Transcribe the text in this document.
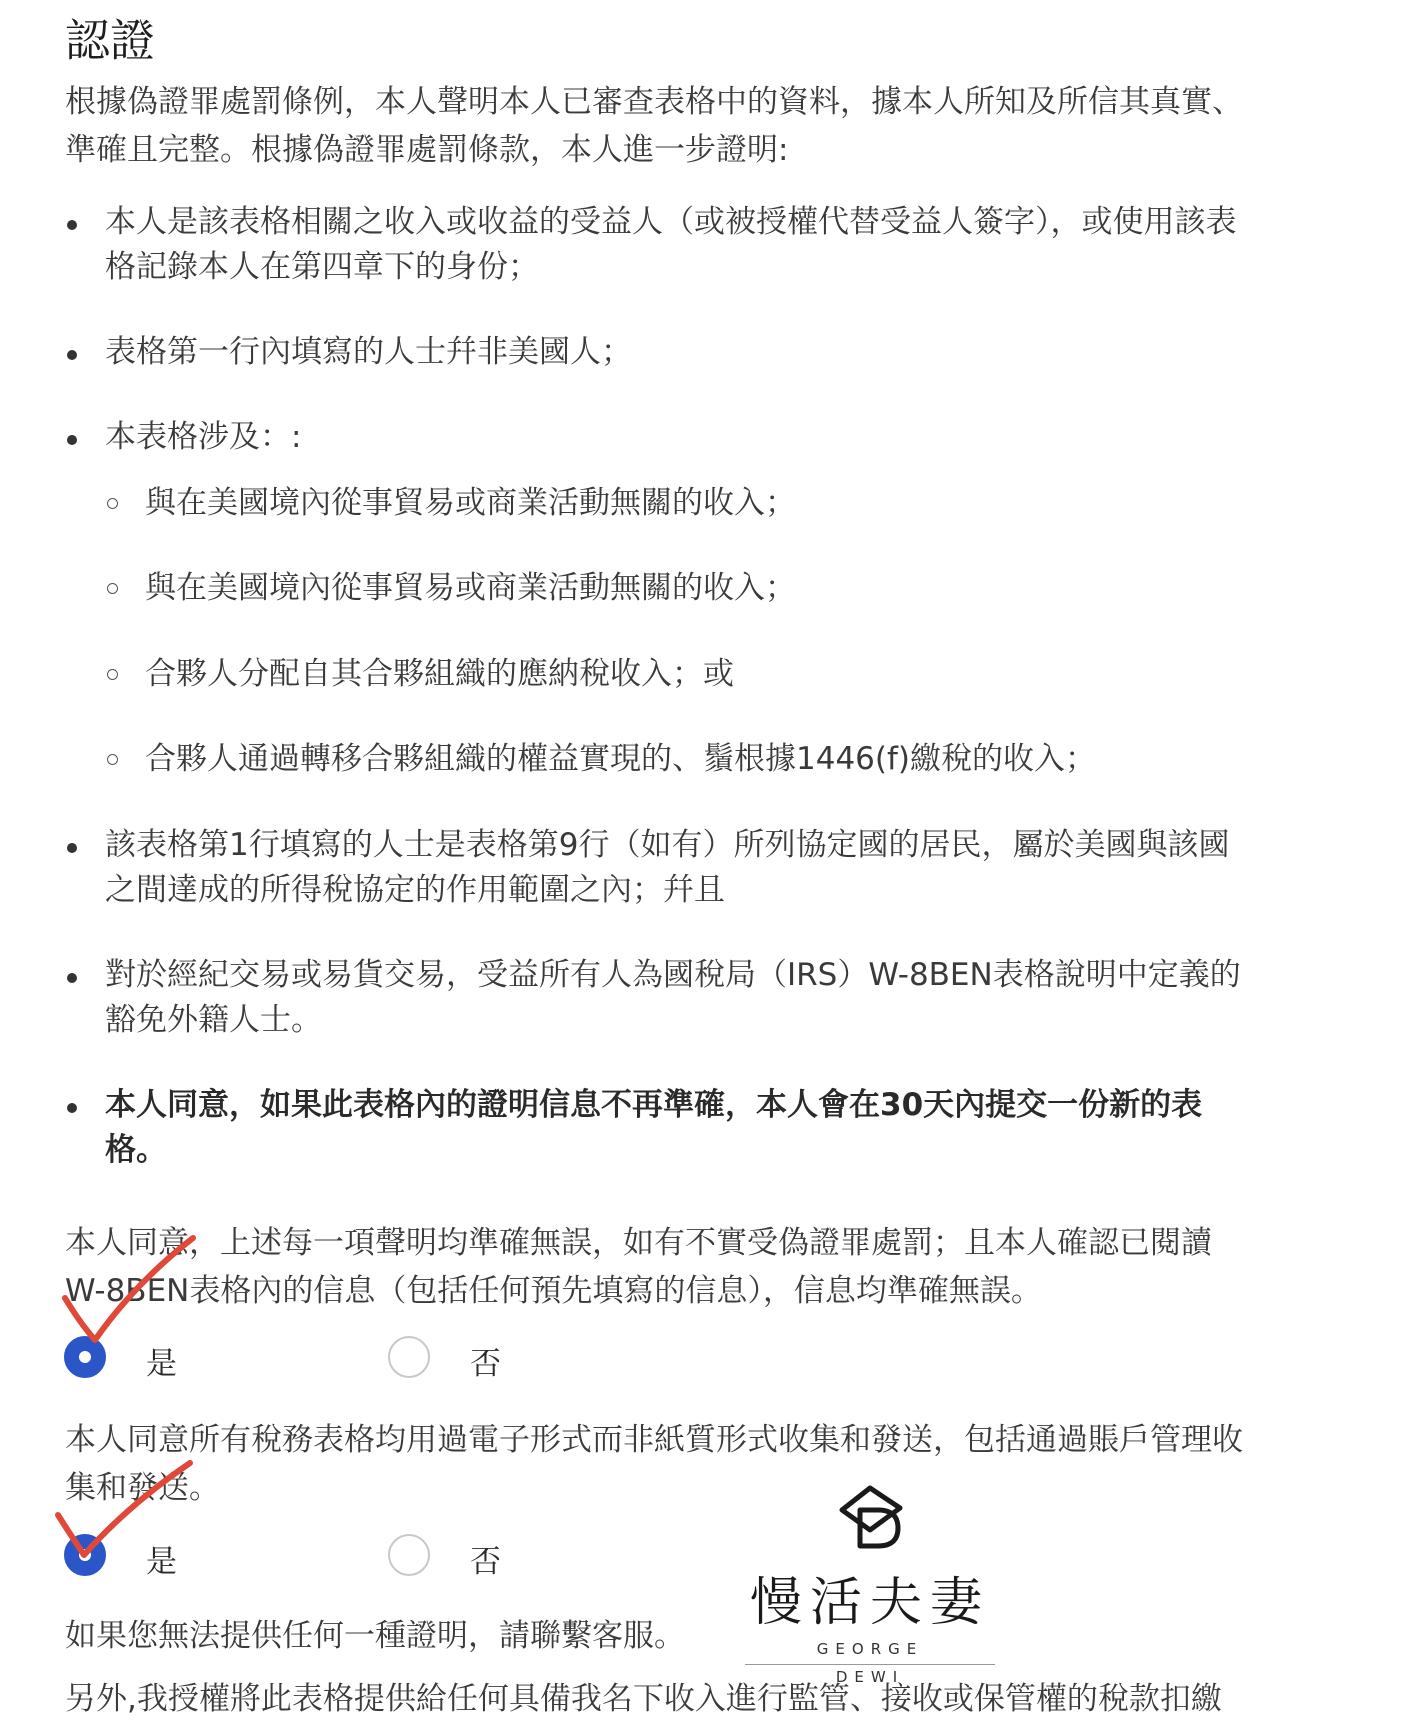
認證

根據偽證罪處罰條例，本人聲明本人已審查表格中的資料，據本人所知及所信其真實、
準確且完整。根據偽證罪處罰條款，本人進一步證明:

本人是該表格相關之收入或收益的受益人（或被授權代替受益人簽字），或使用該表
格記錄本人在第四章下的身份；
表格第一行內填寫的人士幷非美國人；
本表格涉及：:
與在美國境內從事貿易或商業活動無關的收入；
與在美國境內從事貿易或商業活動無關的收入；
合夥人分配自其合夥組織的應納稅收入；或
合夥人通過轉移合夥組織的權益實現的、鬚根據1446(f)繳稅的收入；
該表格第1行填寫的人士是表格第9行（如有）所列協定國的居民，屬於美國與該國
之間達成的所得稅協定的作用範圍之內；幷且
對於經紀交易或易貨交易，受益所有人為國稅局（IRS）W-8BEN表格說明中定義的
豁免外籍人士。
本人同意，如果此表格內的證明信息不再準確，本人會在30天內提交一份新的表
格。

本人同意，上述每一項聲明均準確無誤，如有不實受偽證罪處罰；且本人確認已閱讀
W-8BEN表格內的信息（包括任何預先填寫的信息），信息均準確無誤。

是	否

本人同意所有稅務表格均用過電子形式而非紙質形式收集和發送，包括通過賬戶管理收
集和發送。

是	否

如果您無法提供任何一種證明，請聯繫客服。

另外,我授權將此表格提供給任何具備我名下收入進行監管、接收或保管權的稅款扣繳

慢活夫妻
GEORGE
DEWI
